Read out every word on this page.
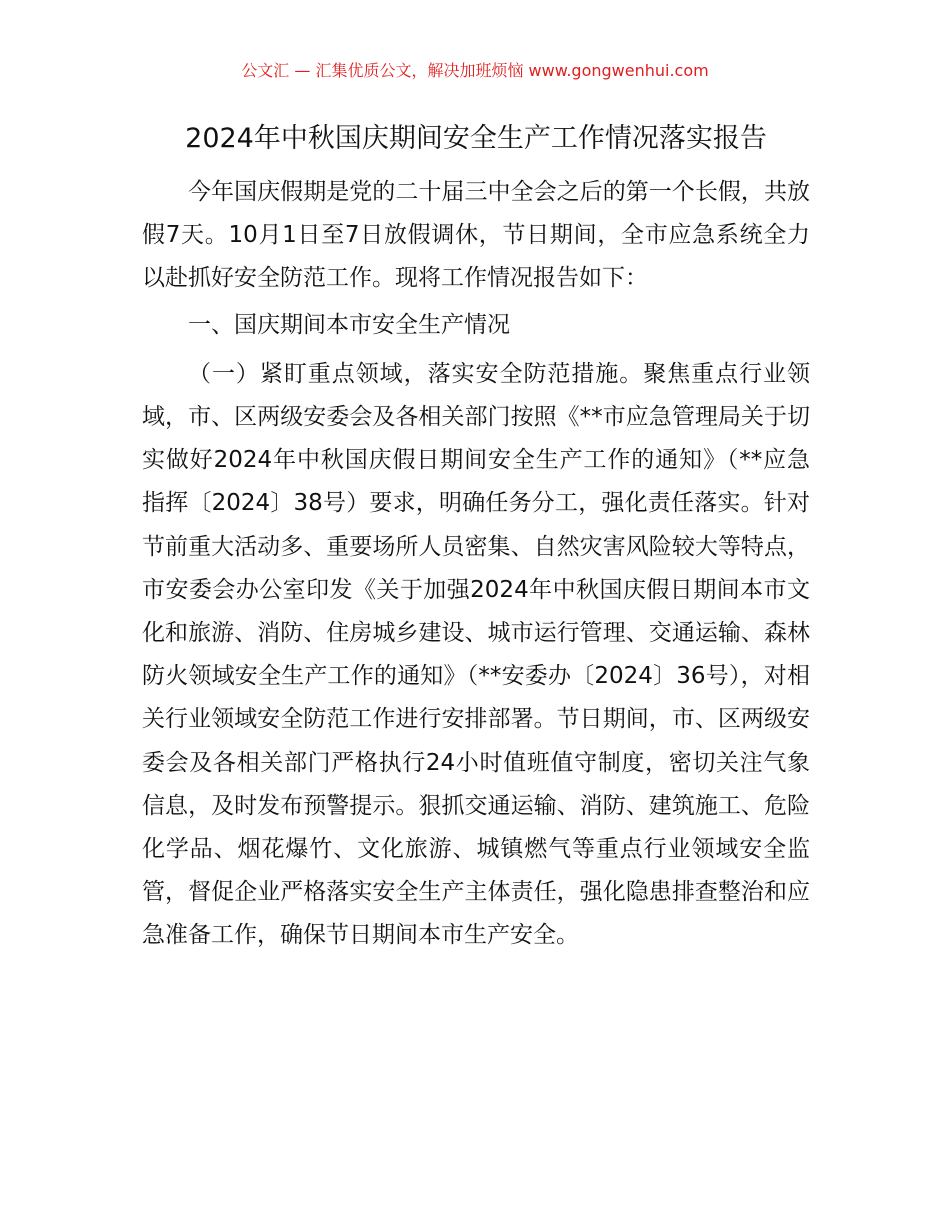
公文汇 — 汇集优质公文，解决加班烦恼 www.gongwenhui.com
2024年中秋国庆期间安全生产工作情况落实报告

今年国庆假期是党的二十届三中全会之后的第一个长假，共放假7天。10月1日至7日放假调休，节日期间，全市应急系统全力以赴抓好安全防范工作。现将工作情况报告如下：

一、国庆期间本市安全生产情况

（一）紧盯重点领域，落实安全防范措施。聚焦重点行业领域，市、区两级安委会及各相关部门按照《**市应急管理局关于切实做好2024年中秋国庆假日期间安全生产工作的通知》（**应急指挥〔2024〕38号）要求，明确任务分工，强化责任落实。针对节前重大活动多、重要场所人员密集、自然灾害风险较大等特点，市安委会办公室印发《关于加强2024年中秋国庆假日期间本市文化和旅游、消防、住房城乡建设、城市运行管理、交通运输、森林防火领域安全生产工作的通知》（**安委办〔2024〕36号），对相关行业领域安全防范工作进行安排部署。节日期间，市、区两级安委会及各相关部门严格执行24小时值班值守制度，密切关注气象信息，及时发布预警提示。狠抓交通运输、消防、建筑施工、危险化学品、烟花爆竹、文化旅游、城镇燃气等重点行业领域安全监管，督促企业严格落实安全生产主体责任，强化隐患排查整治和应急准备工作，确保节日期间本市生产安全。
